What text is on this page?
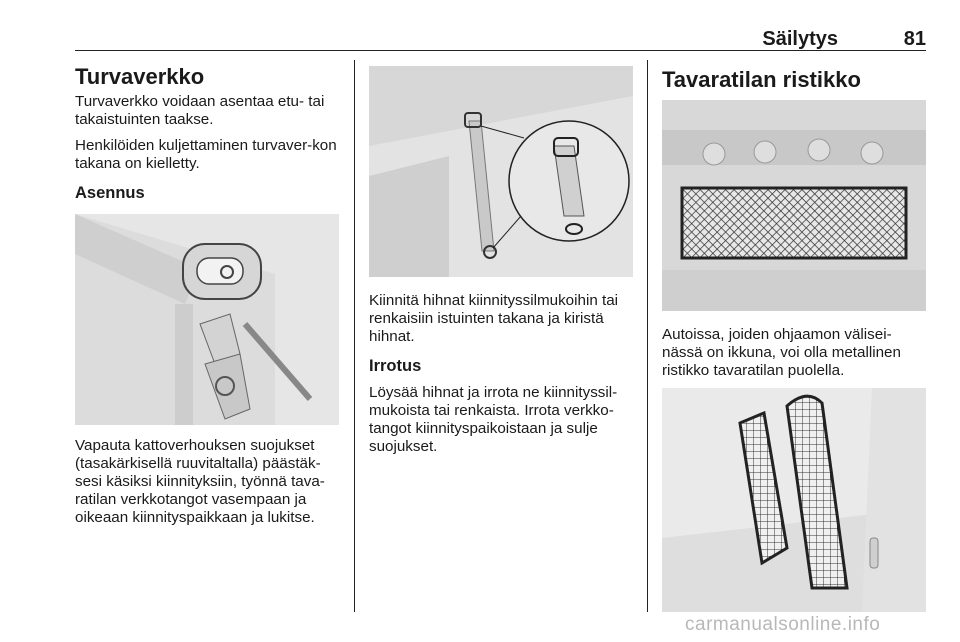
Säilytys	81
Turvaverkko

Turvaverkko voidaan asentaa etu- tai takaistuinten taakse.

Henkilöiden kuljettaminen turvaver-kon takana on kielletty.

Asennus

Vapauta kattoverhouksen suojukset (tasakärkisellä ruuvitaltalla) päästäk-sesi käsiksi kiinnityksiin, työnnä tava-ratilan verkkotangot vasempaan ja oikeaan kiinnityspaikkaan ja lukitse.

Kiinnitä hihnat kiinnityssilmukoihin tai renkaisiin istuinten takana ja kiristä hihnat.

Irrotus

Löysää hihnat ja irrota ne kiinnityssil-mukoista tai renkaista. Irrota verkko-tangot kiinnityspaikoistaan ja sulje suojukset.

Tavaratilan ristikko

Autoissa, joiden ohjaamon välisei-nässä on ikkuna, voi olla metallinen ristikko tavaratilan puolella.

carmanualsonline.info
